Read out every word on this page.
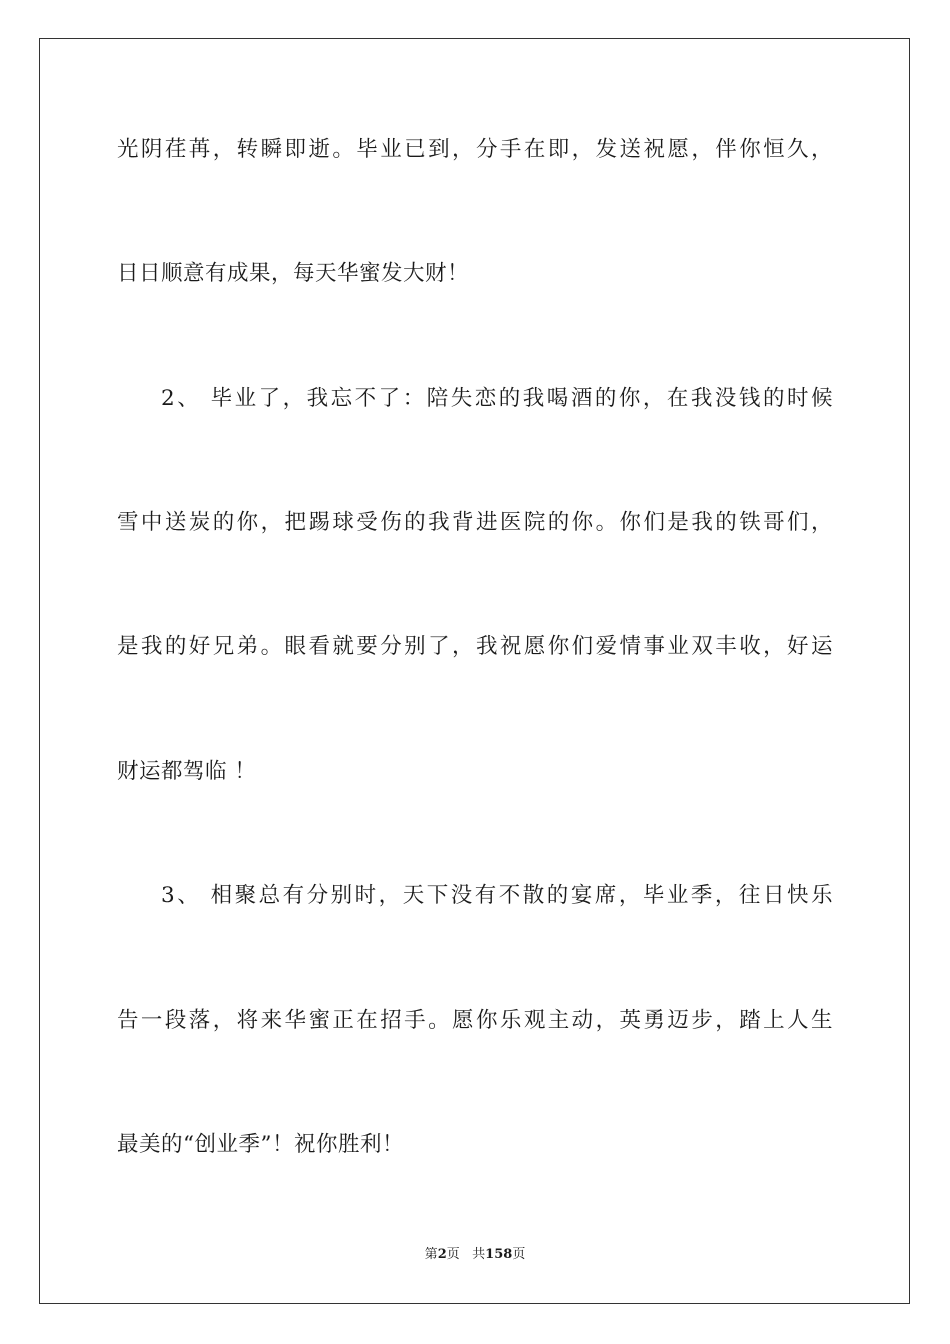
光阴荏苒，转瞬即逝。毕业已到，分手在即，发送祝愿，伴你恒久，
日日顺意有成果，每天华蜜发大财！
2、 毕业了，我忘不了：陪失恋的我喝酒的你，在我没钱的时候
雪中送炭的你，把踢球受伤的我背进医院的你。你们是我的铁哥们，
是我的好兄弟。眼看就要分别了，我祝愿你们爱情事业双丰收，好运
财运都驾临 ！
3、 相聚总有分别时，天下没有不散的宴席，毕业季，往日快乐
告一段落，将来华蜜正在招手。愿你乐观主动，英勇迈步，踏上人生
最美的“创业季”！祝你胜利！
第2页 共158页
